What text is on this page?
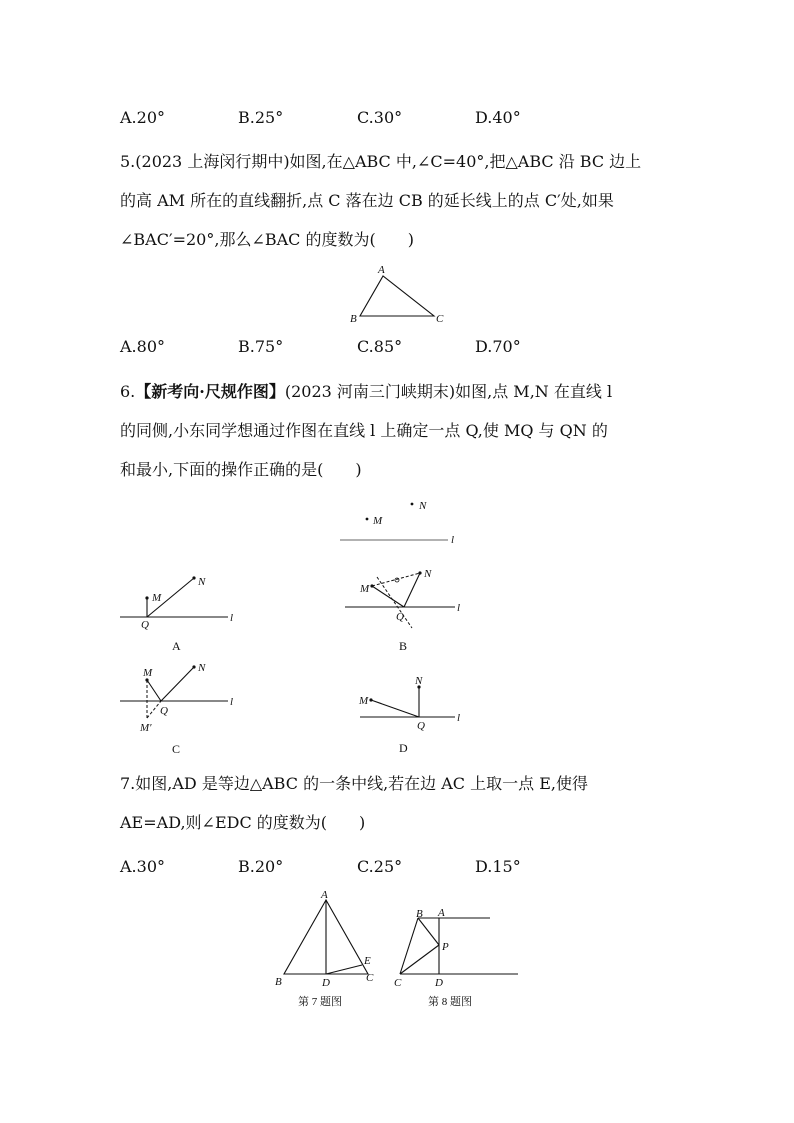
A.20°	B.25°	C.30°	D.40°
5.(2023 上海闵行期中)如图,在△ABC 中,∠C=40°,把△ABC 沿 BC 边上
的高 AM 所在的直线翻折,点 C 落在边 CB 的延长线上的点 C′处,如果
∠BAC′=20°,那么∠BAC 的度数为(　　)
A
B	C
A.80°	B.75°	C.85°	D.70°
6.【新考向·尺规作图】(2023 河南三门峡期末)如图,点 M,N 在直线 l
的同侧,小东同学想通过作图在直线 l 上确定一点 Q,使 MQ 与 QN 的
和最小,下面的操作正确的是(　　)
N
M
l
l
M
N
Q
A
l
M
N
Q
B
l
M	N
Q
M′
C
l
M
N
Q
D
7.如图,AD 是等边△ABC 的一条中线,若在边 AC 上取一点 E,使得
AE=AD,则∠EDC 的度数为(　　)
A.30°	B.20°	C.25°	D.15°
A
B	D
E
C
第 7 题图
B A
P
C	D
第 8 题图
